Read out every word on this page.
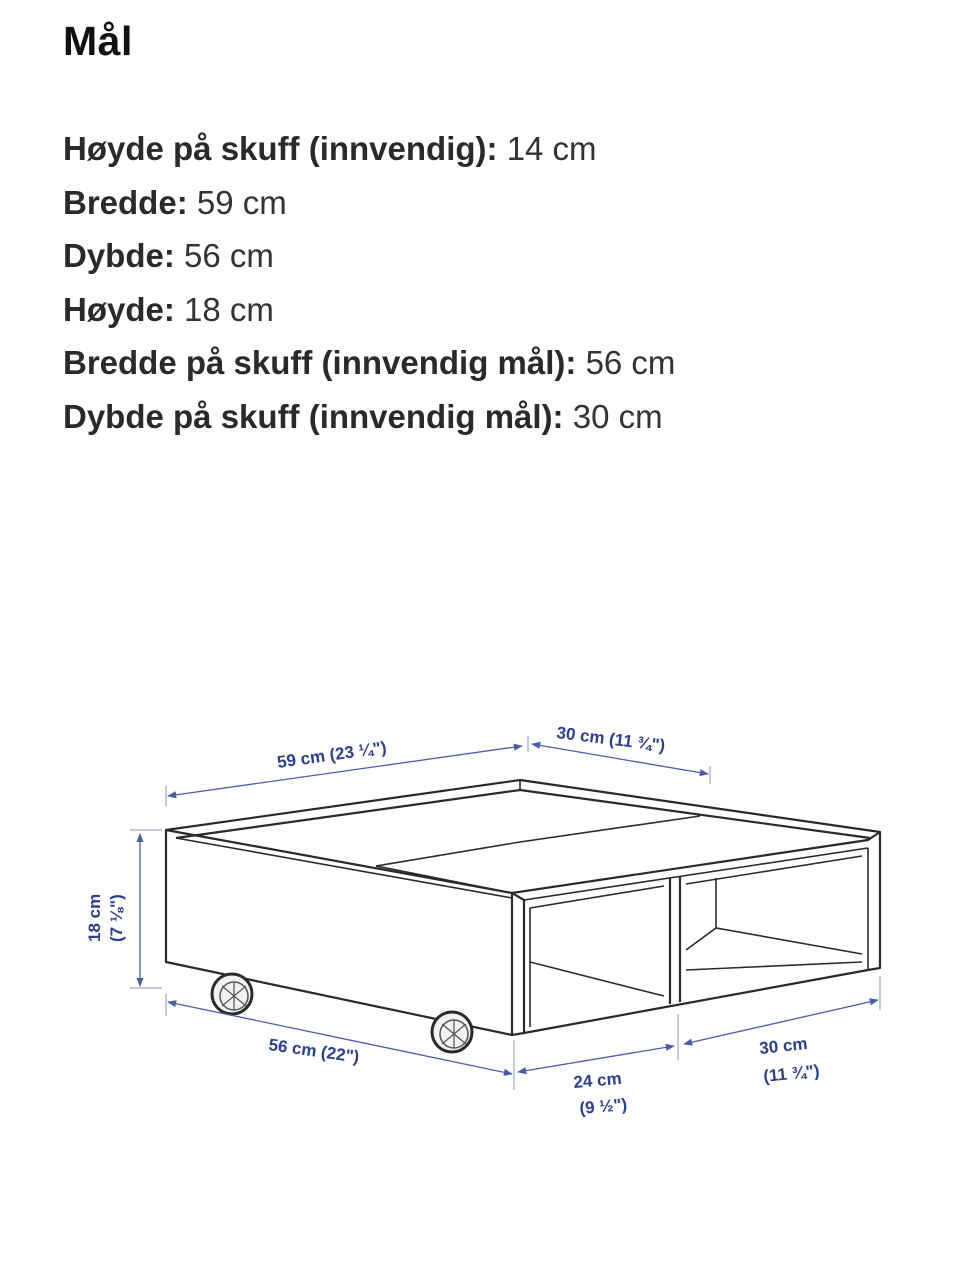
Mål
Høyde på skuff (innvendig): 14 cm
Bredde: 59 cm
Dybde: 56 cm
Høyde: 18 cm
Bredde på skuff (innvendig mål): 56 cm
Dybde på skuff (innvendig mål): 30 cm
59 cm (23 ¼")	30 cm (11 ¾")
18 cm (7 ⅛")
56 cm (22")
24 cm
(9 ½")
30 cm
(11 ¾")
